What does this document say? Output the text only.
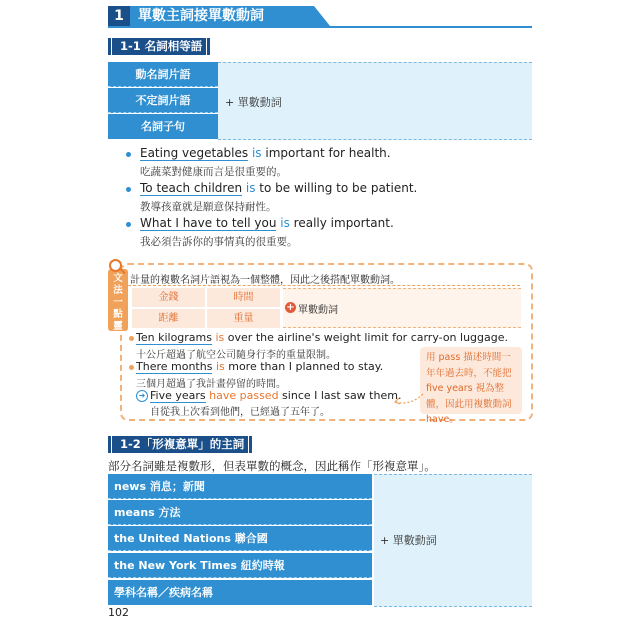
1	單數主詞接單數動詞
1-1 名詞相等語
動名詞片語
不定詞片語
名詞子句
+ 單數動詞
Eating vegetables is important for health.
吃蔬菜對健康而言是很重要的。
To teach children is to be willing to be patient.
教導孩童就是願意保持耐性。
What I have to tell you is really important.
我必須告訴你的事情真的很重要。
文法一點靈
計量的複數名詞片語視為一個整體，因此之後搭配單數動詞。
金錢	時間
距離	重量
+ 單數動詞
Ten kilograms is over the airline's weight limit for carry-on luggage.
十公斤超過了航空公司隨身行李的重量限制。
There months is more than I planned to stay.
三個月超過了我計畫停留的時間。
➜ Five years have passed since I last saw them.
自從我上次看到他們，已經過了五年了。
用 pass 描述時間一年年過去時，不能把 five years 視為整體，因此用複數動詞 have。
1-2「形複意單」的主詞
部分名詞雖是複數形，但表單數的概念，因此稱作「形複意單」。
news 消息；新聞
means 方法
the United Nations 聯合國
the New York Times 紐約時報
學科名稱／疾病名稱
+ 單數動詞
102
